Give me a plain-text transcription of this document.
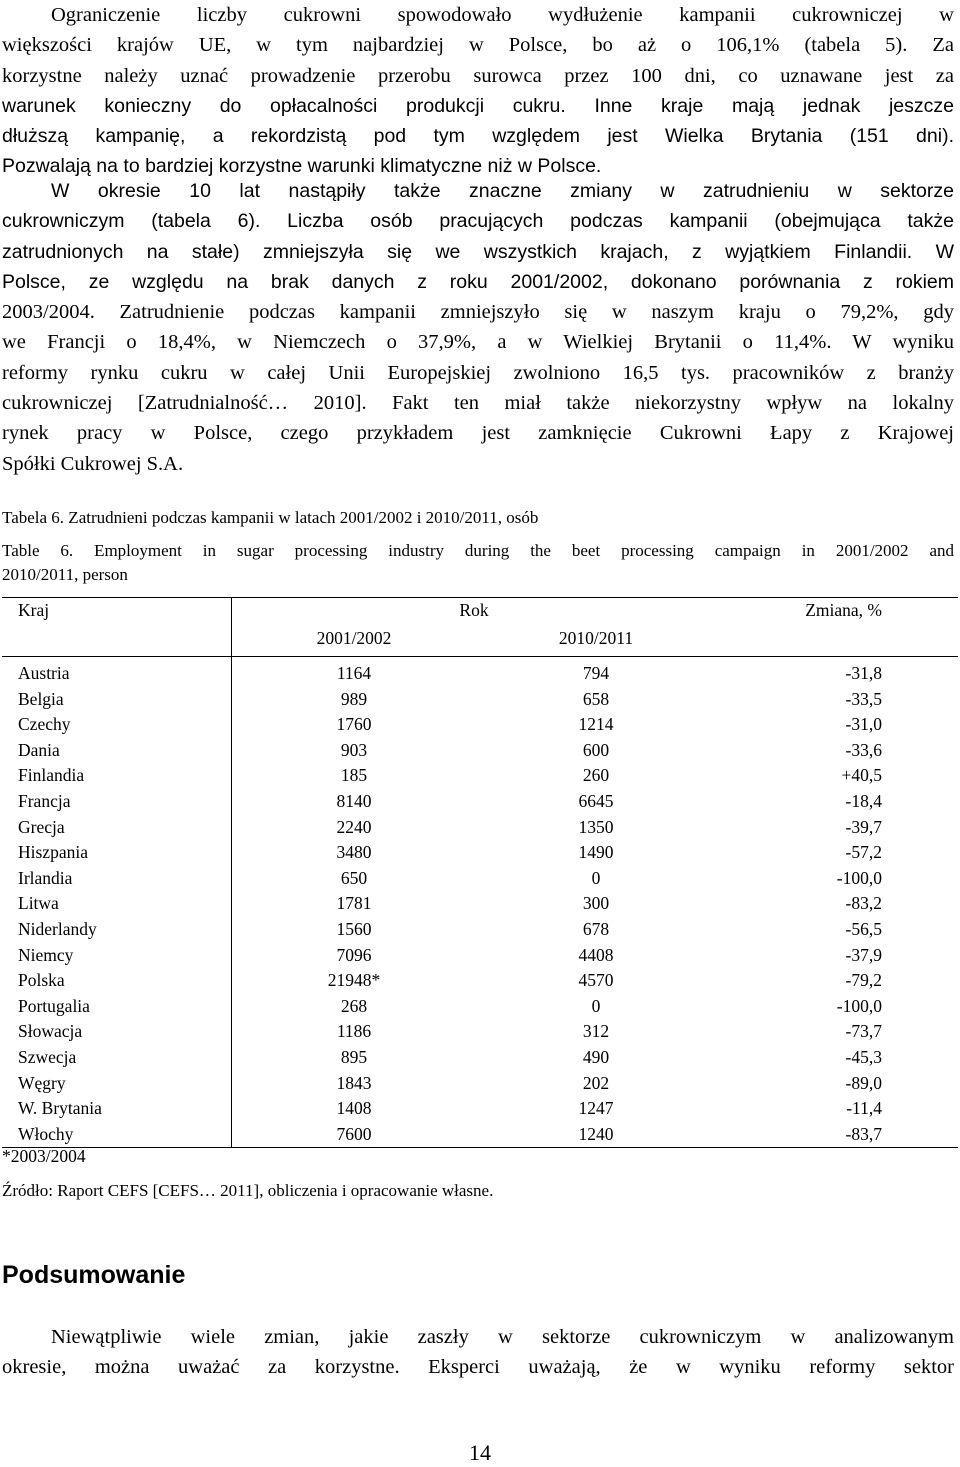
Ograniczenie liczby cukrowni spowodowało wydłużenie kampanii cukrowniczej w
większości krajów UE, w tym najbardziej w Polsce, bo aż o 106,1% (tabela 5). Za
korzystne należy uznać prowadzenie przerobu surowca przez 100 dni, co uznawane jest za
warunek konieczny do opłacalności produkcji cukru. Inne kraje mają jednak jeszcze
dłuższą kampanię, a rekordzistą pod tym względem jest Wielka Brytania (151 dni).
Pozwalają na to bardziej korzystne warunki klimatyczne niż w Polsce.
W okresie 10 lat nastąpiły także znaczne zmiany w zatrudnieniu w sektorze
cukrowniczym (tabela 6). Liczba osób pracujących podczas kampanii (obejmująca także
zatrudnionych na stałe) zmniejszyła się we wszystkich krajach, z wyjątkiem Finlandii. W
Polsce, ze względu na brak danych z roku 2001/2002, dokonano porównania z rokiem
2003/2004. Zatrudnienie podczas kampanii zmniejszyło się w naszym kraju o 79,2%, gdy
we Francji o 18,4%, w Niemczech o 37,9%, a w Wielkiej Brytanii o 11,4%. W wyniku
reformy rynku cukru w całej Unii Europejskiej zwolniono 16,5 tys. pracowników z branży
cukrowniczej [Zatrudnialność… 2010]. Fakt ten miał także niekorzystny wpływ na lokalny
rynek pracy w Polsce, czego przykładem jest zamknięcie Cukrowni Łapy z Krajowej
Spółki Cukrowej S.A.
Tabela 6. Zatrudnieni podczas kampanii w latach 2001/2002 i 2010/2011, osób
Table 6. Employment in sugar processing industry during the beet processing campaign in 2001/2002 and
2010/2011, person
Kraj	Rok		Zmiana, %
	2001/2002	2010/2011	
Austria	1164	794	-31,8
Belgia	989	658	-33,5
Czechy	1760	1214	-31,0
Dania	903	600	-33,6
Finlandia	185	260	+40,5
Francja	8140	6645	-18,4
Grecja	2240	1350	-39,7
Hiszpania	3480	1490	-57,2
Irlandia	650	0	-100,0
Litwa	1781	300	-83,2
Niderlandy	1560	678	-56,5
Niemcy	7096	4408	-37,9
Polska	21948*	4570	-79,2
Portugalia	268	0	-100,0
Słowacja	1186	312	-73,7
Szwecja	895	490	-45,3
Węgry	1843	202	-89,0
W. Brytania	1408	1247	-11,4
Włochy	7600	1240	-83,7
*2003/2004
Źródło: Raport CEFS [CEFS… 2011], obliczenia i opracowanie własne.
Podsumowanie
Niewątpliwie wiele zmian, jakie zaszły w sektorze cukrowniczym w analizowanym
okresie, można uważać za korzystne. Eksperci uważają, że w wyniku reformy sektor
14
